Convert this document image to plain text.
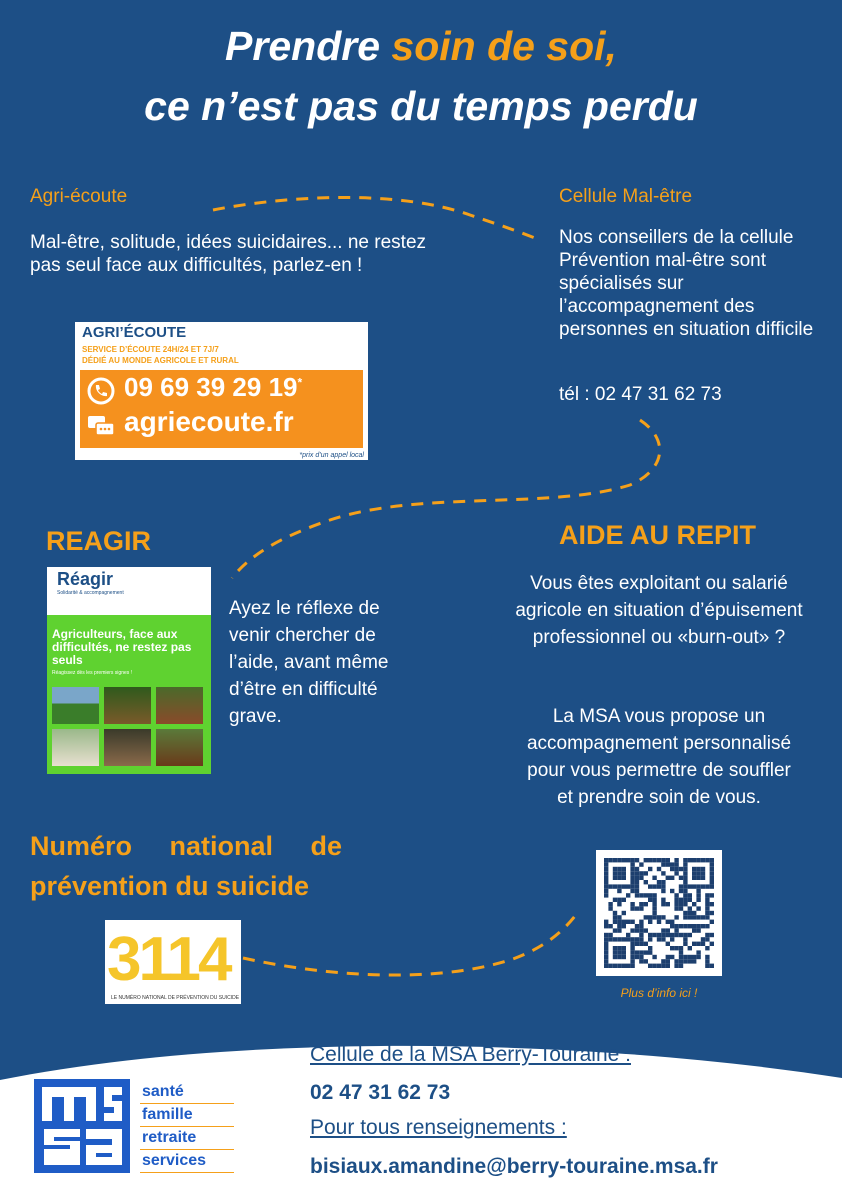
Prendre soin de soi,
ce n’est pas du temps perdu
Agri-écoute
Mal-être, solitude, idées suicidaires... ne restez pas seul face aux difficultés, parlez-en !
AGRI’ÉCOUTE
SERVICE D’ÉCOUTE 24H/24 ET 7J/7
DÉDIÉ AU MONDE AGRICOLE ET RURAL
09 69 39 29 19*
agriecoute.fr
*prix d’un appel local
Cellule Mal-être
Nos conseillers de la cellule Prévention mal-être sont spécialisés sur l’accompagnement des personnes en situation difficile
tél : 02 47 31 62 73
REAGIR
Réagir
Solidarité & accompagnement
Agriculteurs, face aux difficultés, ne restez pas seuls
Réagissez dès les premiers signes !
Ayez le réflexe de venir chercher de l’aide, avant même d’être en difficulté grave.
AIDE AU REPIT
Vous êtes exploitant ou salarié agricole en situation d’épuisement professionnel ou «burn-out» ?
La MSA vous propose un accompagnement personnalisé pour vous permettre de souffler et prendre soin de vous.
Plus d’info ici !
Numéro national de prévention du suicide
3114
LE NUMÉRO NATIONAL DE PRÉVENTION DU SUICIDE
santé
famille
retraite
services
Cellule de la MSA Berry-Touraine :
02 47 31 62 73
Pour tous renseignements :
bisiaux.amandine@berry-touraine.msa.fr
